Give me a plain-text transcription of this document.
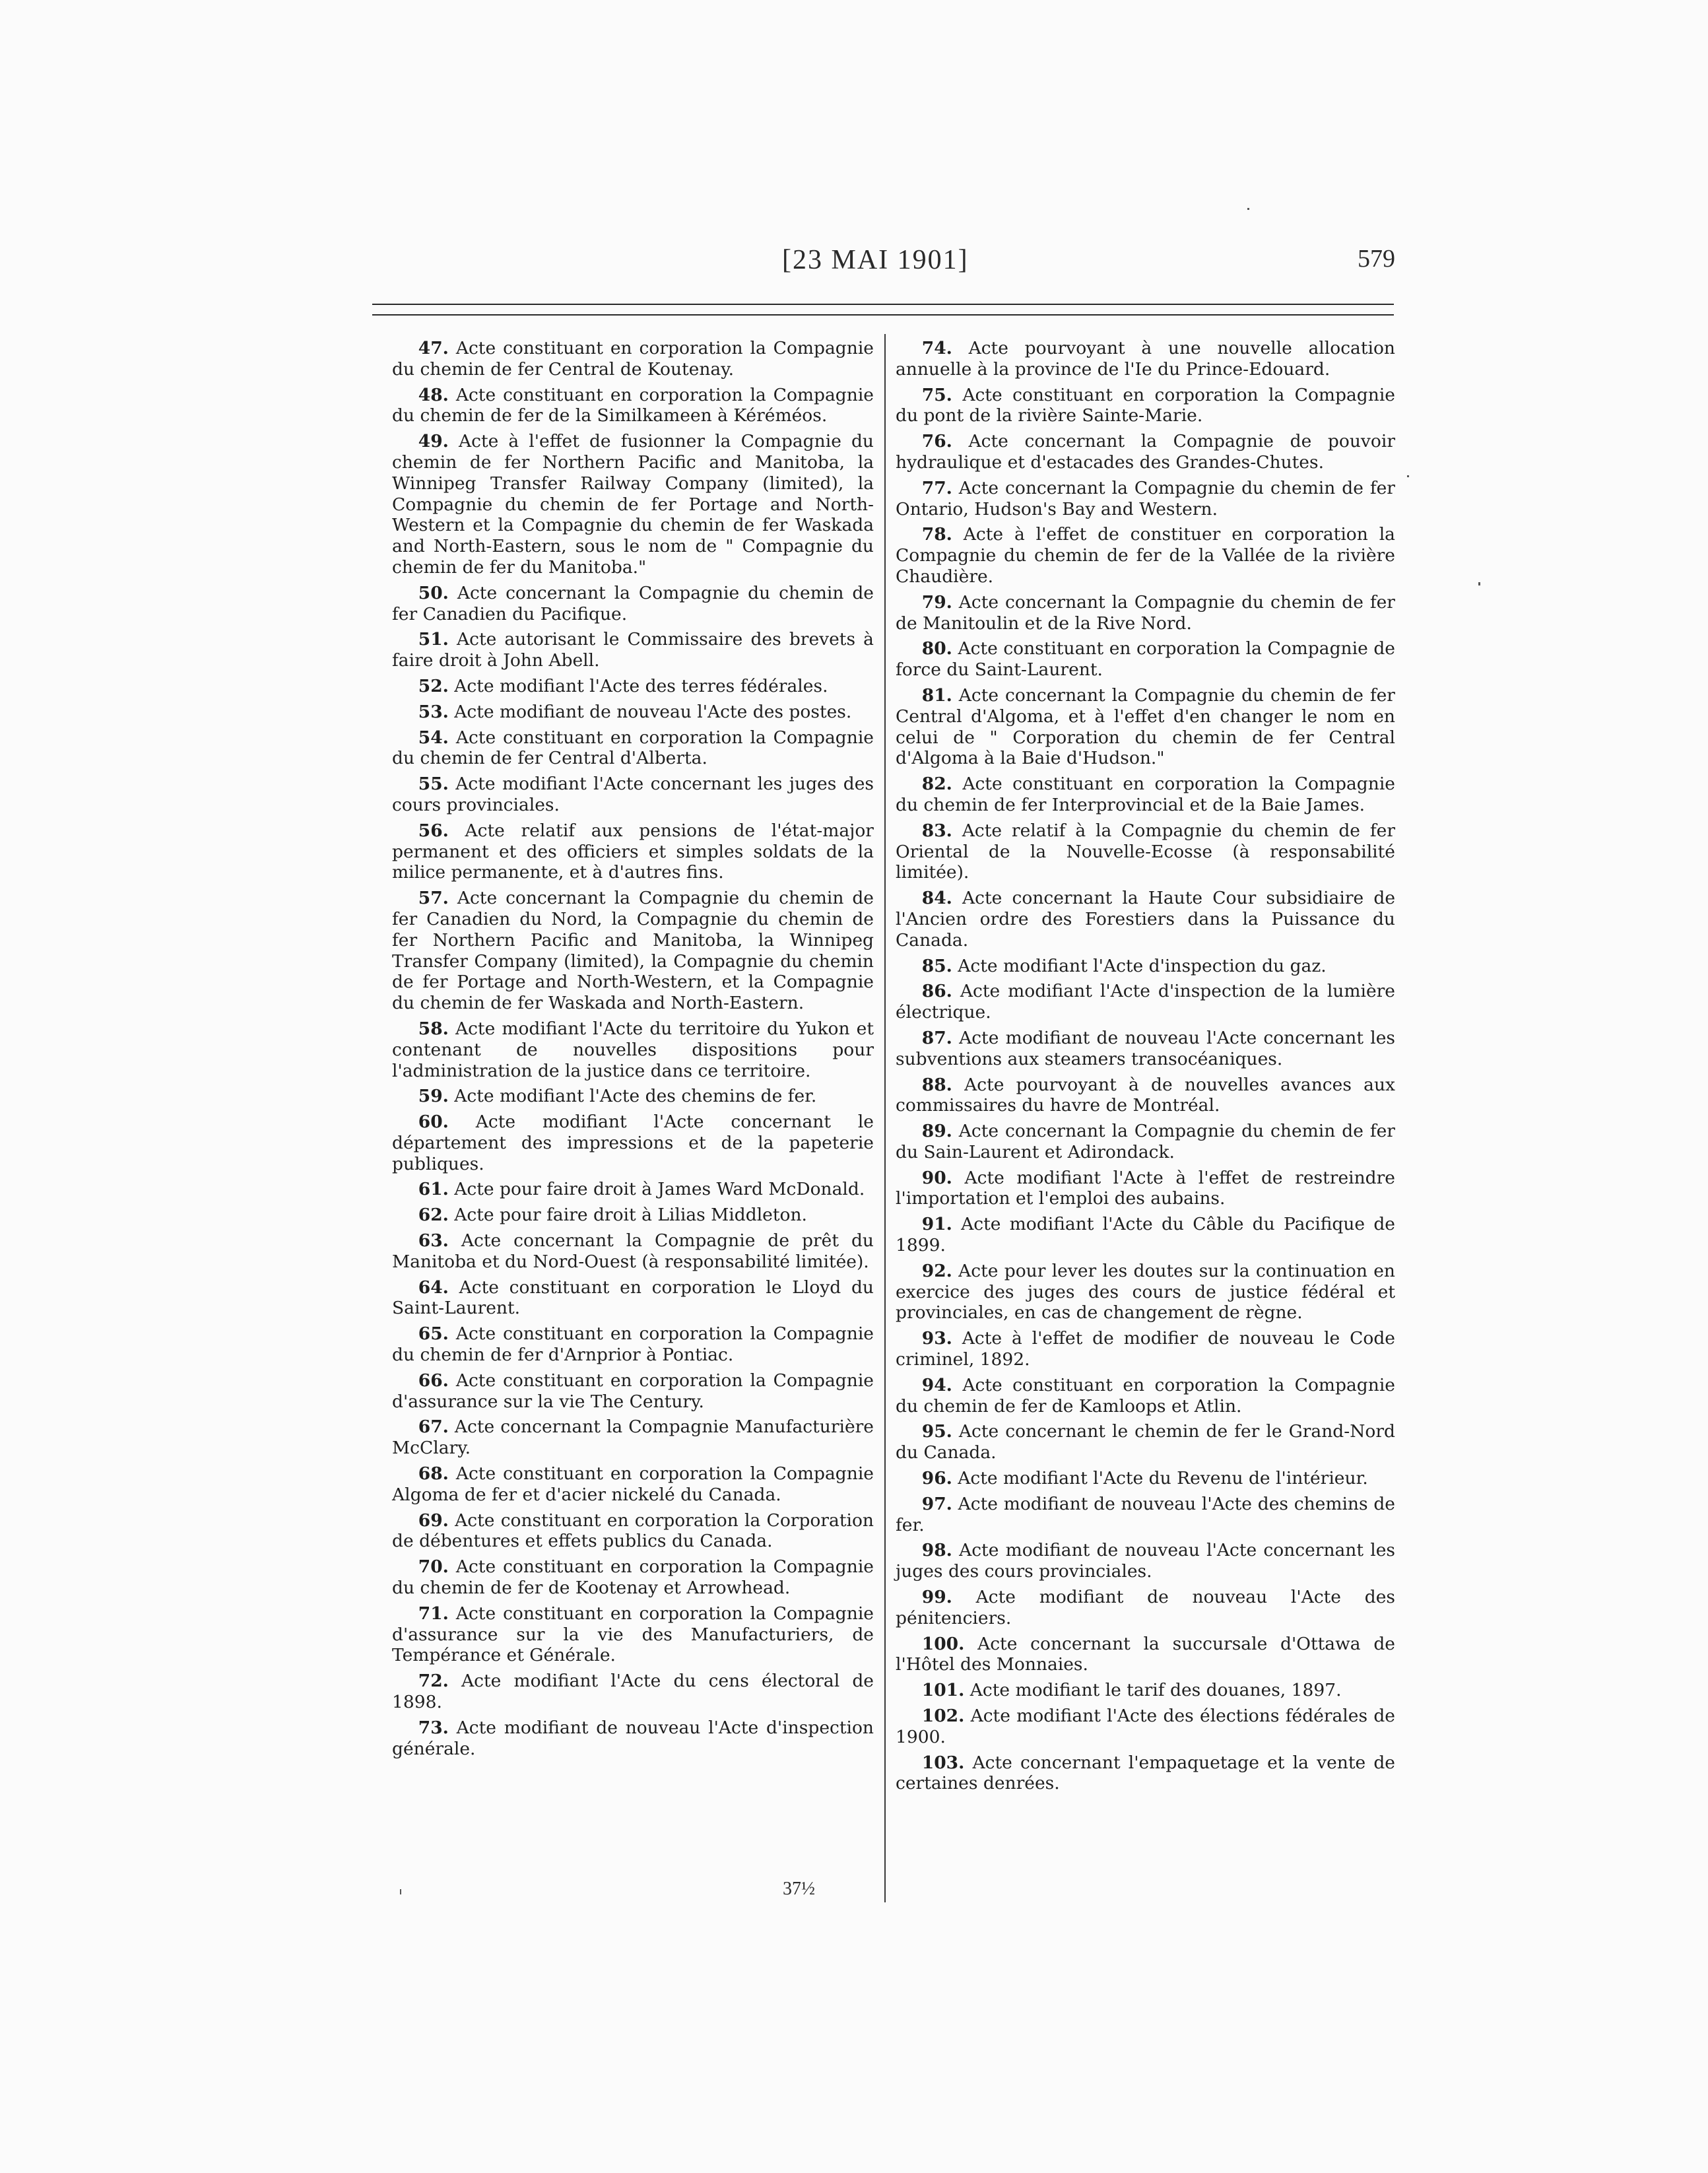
[23 MAI 1901]	579

47. Acte constituant en corporation la Compagnie du chemin de fer Central de Koutenay.

48. Acte constituant en corporation la Compagnie du chemin de fer de la Similkameen à Kéréméos.

49. Acte à l'effet de fusionner la Compagnie du chemin de fer Northern Pacific and Manitoba, la Winnipeg Transfer Railway Company (limited), la Compagnie du chemin de fer Portage and North-Western et la Compagnie du chemin de fer Waskada and North-Eastern, sous le nom de " Compagnie du chemin de fer du Manitoba."

50. Acte concernant la Compagnie du chemin de fer Canadien du Pacifique.

51. Acte autorisant le Commissaire des brevets à faire droit à John Abell.

52. Acte modifiant l'Acte des terres fédérales.

53. Acte modifiant de nouveau l'Acte des postes.

54. Acte constituant en corporation la Compagnie du chemin de fer Central d'Alberta.

55. Acte modifiant l'Acte concernant les juges des cours provinciales.

56. Acte relatif aux pensions de l'état-major permanent et des officiers et simples soldats de la milice permanente, et à d'autres fins.

57. Acte concernant la Compagnie du chemin de fer Canadien du Nord, la Compagnie du chemin de fer Northern Pacific and Manitoba, la Winnipeg Transfer Company (limited), la Compagnie du chemin de fer Portage and North-Western, et la Compagnie du chemin de fer Waskada and North-Eastern.

58. Acte modifiant l'Acte du territoire du Yukon et contenant de nouvelles dispositions pour l'administration de la justice dans ce territoire.

59. Acte modifiant l'Acte des chemins de fer.

60. Acte modifiant l'Acte concernant le département des impressions et de la papeterie publiques.

61. Acte pour faire droit à James Ward McDonald.

62. Acte pour faire droit à Lilias Middleton.

63. Acte concernant la Compagnie de prêt du Manitoba et du Nord-Ouest (à responsabilité limitée).

64. Acte constituant en corporation le Lloyd du Saint-Laurent.

65. Acte constituant en corporation la Compagnie du chemin de fer d'Arnprior à Pontiac.

66. Acte constituant en corporation la Compagnie d'assurance sur la vie The Century.

67. Acte concernant la Compagnie Manufacturière McClary.

68. Acte constituant en corporation la Compagnie Algoma de fer et d'acier nickelé du Canada.

69. Acte constituant en corporation la Corporation de débentures et effets publics du Canada.

70. Acte constituant en corporation la Compagnie du chemin de fer de Kootenay et Arrowhead.

71. Acte constituant en corporation la Compagnie d'assurance sur la vie des Manufacturiers, de Tempérance et Générale.

72. Acte modifiant l'Acte du cens électoral de 1898.

73. Acte modifiant de nouveau l'Acte d'inspection générale.

74. Acte pourvoyant à une nouvelle allocation annuelle à la province de l'Ie du Prince-Edouard.

75. Acte constituant en corporation la Compagnie du pont de la rivière Sainte-Marie.

76. Acte concernant la Compagnie de pouvoir hydraulique et d'estacades des Grandes-Chutes.

77. Acte concernant la Compagnie du chemin de fer Ontario, Hudson's Bay and Western.

78. Acte à l'effet de constituer en corporation la Compagnie du chemin de fer de la Vallée de la rivière Chaudière.

79. Acte concernant la Compagnie du chemin de fer de Manitoulin et de la Rive Nord.

80. Acte constituant en corporation la Compagnie de force du Saint-Laurent.

81. Acte concernant la Compagnie du chemin de fer Central d'Algoma, et à l'effet d'en changer le nom en celui de " Corporation du chemin de fer Central d'Algoma à la Baie d'Hudson."

82. Acte constituant en corporation la Compagnie du chemin de fer Interprovincial et de la Baie James.

83. Acte relatif à la Compagnie du chemin de fer Oriental de la Nouvelle-Ecosse (à responsabilité limitée).

84. Acte concernant la Haute Cour subsidiaire de l'Ancien ordre des Forestiers dans la Puissance du Canada.

85. Acte modifiant l'Acte d'inspection du gaz.

86. Acte modifiant l'Acte d'inspection de la lumière électrique.

87. Acte modifiant de nouveau l'Acte concernant les subventions aux steamers transocéaniques.

88. Acte pourvoyant à de nouvelles avances aux commissaires du havre de Montréal.

89. Acte concernant la Compagnie du chemin de fer du Sain-Laurent et Adirondack.

90. Acte modifiant l'Acte à l'effet de restreindre l'importation et l'emploi des aubains.

91. Acte modifiant l'Acte du Câble du Pacifique de 1899.

92. Acte pour lever les doutes sur la continuation en exercice des juges des cours de justice fédéral et provinciales, en cas de changement de règne.

93. Acte à l'effet de modifier de nouveau le Code criminel, 1892.

94. Acte constituant en corporation la Compagnie du chemin de fer de Kamloops et Atlin.

95. Acte concernant le chemin de fer le Grand-Nord du Canada.

96. Acte modifiant l'Acte du Revenu de l'intérieur.

97. Acte modifiant de nouveau l'Acte des chemins de fer.

98. Acte modifiant de nouveau l'Acte concernant les juges des cours provinciales.

99. Acte modifiant de nouveau l'Acte des pénitenciers.

100. Acte concernant la succursale d'Ottawa de l'Hôtel des Monnaies.

101. Acte modifiant le tarif des douanes, 1897.

102. Acte modifiant l'Acte des élections fédérales de 1900.

103. Acte concernant l'empaquetage et la vente de certaines denrées.

37½
